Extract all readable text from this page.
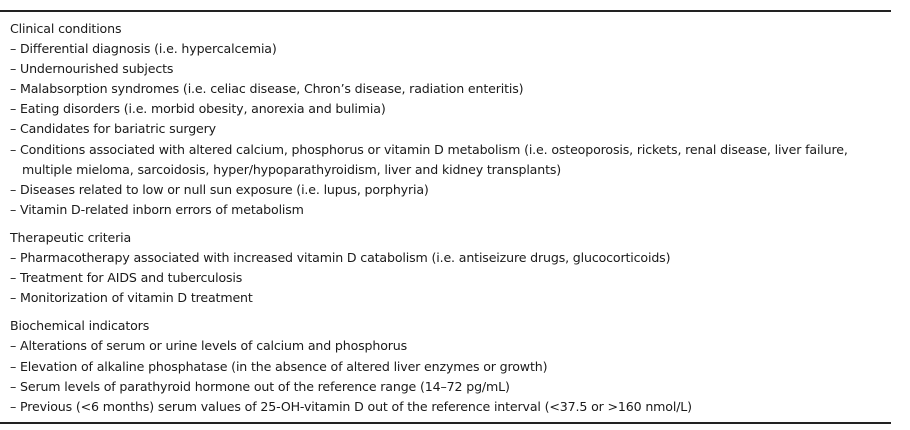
Clinical conditions
– Differential diagnosis (i.e. hypercalcemia)
– Undernourished subjects
– Malabsorption syndromes (i.e. celiac disease, Chron’s disease, radiation enteritis)
– Eating disorders (i.e. morbid obesity, anorexia and bulimia)
– Candidates for bariatric surgery
– Conditions associated with altered calcium, phosphorus or vitamin D metabolism (i.e. osteoporosis, rickets, renal disease, liver failure, multiple mieloma, sarcoidosis, hyper/hypoparathyroidism, liver and kidney transplants)
– Diseases related to low or null sun exposure (i.e. lupus, porphyria)
– Vitamin D-related inborn errors of metabolism
Therapeutic criteria
– Pharmacotherapy associated with increased vitamin D catabolism (i.e. antiseizure drugs, glucocorticoids)
– Treatment for AIDS and tuberculosis
– Monitorization of vitamin D treatment
Biochemical indicators
– Alterations of serum or urine levels of calcium and phosphorus
– Elevation of alkaline phosphatase (in the absence of altered liver enzymes or growth)
– Serum levels of parathyroid hormone out of the reference range (14–72 pg/mL)
– Previous (<6 months) serum values of 25-OH-vitamin D out of the reference interval (<37.5 or >160 nmol/L)
